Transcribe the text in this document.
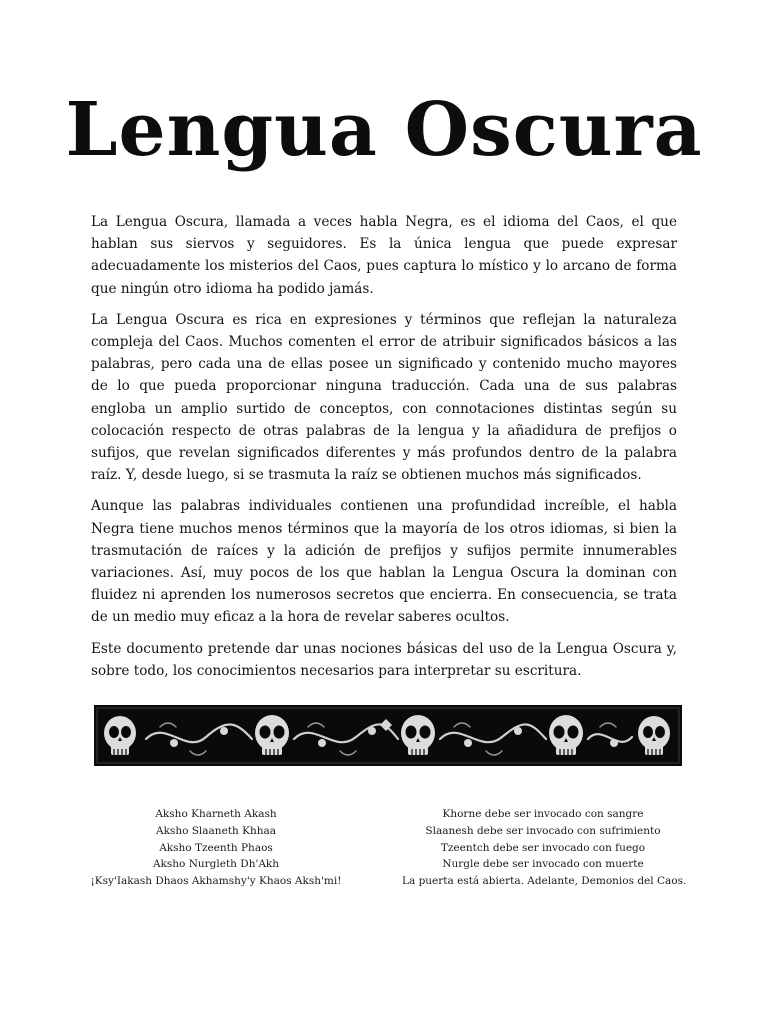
Lengua Oscura

La Lengua Oscura, llamada a veces habla Negra, es el idioma del Caos, el que hablan sus siervos y seguidores. Es la única lengua que puede expresar adecuadamente los misterios del Caos, pues captura lo místico y lo arcano de forma que ningún otro idioma ha podido jamás.

La Lengua Oscura es rica en expresiones y términos que reflejan la naturaleza compleja del Caos. Muchos comenten el error de atribuir significados básicos a las palabras, pero cada una de ellas posee un significado y contenido mucho mayores de lo que pueda proporcionar ninguna traducción. Cada una de sus palabras engloba un amplio surtido de conceptos, con connotaciones distintas según su colocación respecto de otras palabras de la lengua y la añadidura de prefijos o sufijos, que revelan significados diferentes y más profundos dentro de la palabra raíz. Y, desde luego, si se trasmuta la raíz se obtienen muchos más significados.

Aunque las palabras individuales contienen una profundidad increíble, el habla Negra tiene muchos menos términos que la mayoría de los otros idiomas, si bien la trasmutación de raíces y la adición de prefijos y sufijos permite innumerables variaciones. Así, muy pocos de los que hablan la Lengua Oscura la dominan con fluidez ni aprenden los numerosos secretos que encierra. En consecuencia, se trata de un medio muy eficaz a la hora de revelar saberes ocultos.

Este documento pretende dar unas nociones básicas del uso de la Lengua Oscura y, sobre todo, los conocimientos necesarios para interpretar su escritura.

Aksho Kharneth Akash
Aksho Slaaneth Khhaa
Aksho Tzeenth Phaos
Aksho Nurgleth Dh'Akh
¡Ksy'Iakash Dhaos Akhamshy'y Khaos Aksh'mi!
Khorne debe ser invocado con sangre
Slaanesh debe ser invocado con sufrimiento
Tzeentch debe ser invocado con fuego
Nurgle debe ser invocado con muerte
La puerta está abierta. Adelante, Demonios del Caos.
